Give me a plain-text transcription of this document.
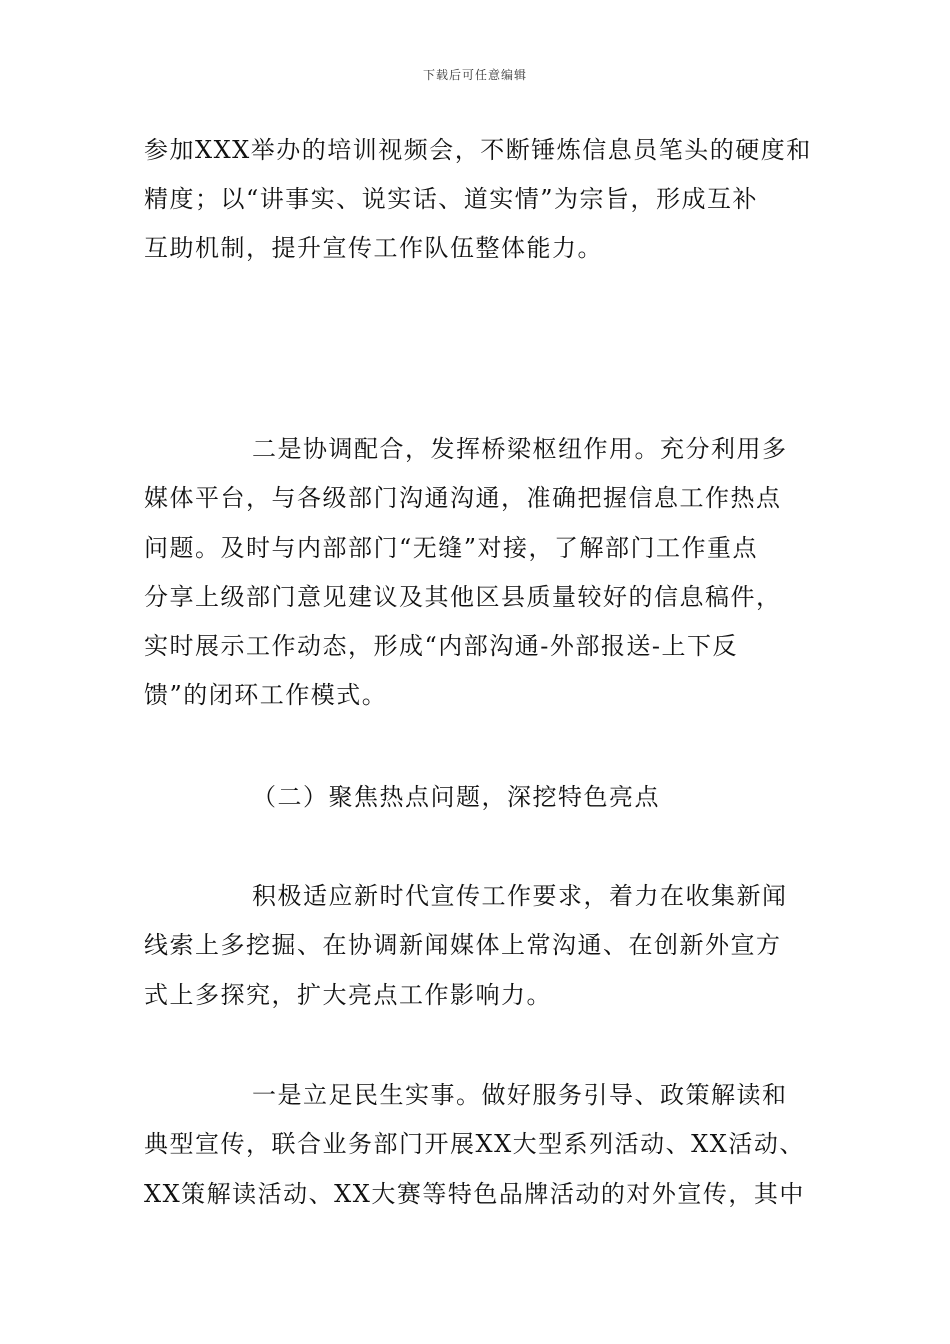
下载后可任意编辑
参加XXX举办的培训视频会，不断锤炼信息员笔头的硬度和
精度；以“讲事实、说实话、道实情”为宗旨，形成互补
互助机制，提升宣传工作队伍整体能力。
二是协调配合，发挥桥梁枢纽作用。充分利用多
媒体平台，与各级部门沟通沟通，准确把握信息工作热点
问题。及时与内部部门“无缝”对接，了解部门工作重点
分享上级部门意见建议及其他区县质量较好的信息稿件，
实时展示工作动态，形成“内部沟通-外部报送-上下反
馈”的闭环工作模式。
（二）聚焦热点问题，深挖特色亮点
积极适应新时代宣传工作要求，着力在收集新闻
线索上多挖掘、在协调新闻媒体上常沟通、在创新外宣方
式上多探究，扩大亮点工作影响力。
一是立足民生实事。做好服务引导、政策解读和
典型宣传，联合业务部门开展XX大型系列活动、XX活动、
XX策解读活动、XX大赛等特色品牌活动的对外宣传，其中
